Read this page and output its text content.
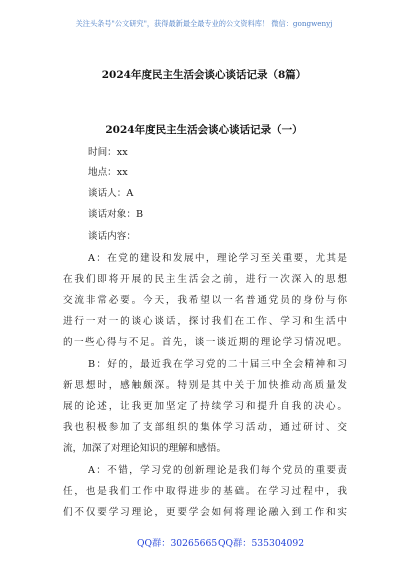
关注头条号"公文研究"，获得最新最全最专业的公文资料库！ 微信：gongwenyj
2024年度民主生活会谈心谈话记录（8篇）
2024年度民主生活会谈心谈话记录（一）
时间：xx
地点：xx
谈话人：A
谈话对象：B
谈话内容：
A：在党的建设和发展中，理论学习至关重要，尤其是
在我们即将开展的民主生活会之前，进行一次深入的思想
交流非常必要。今天，我希望以一名普通党员的身份与你
进行一对一的谈心谈话，探讨我们在工作、学习和生活中
的一些心得与不足。首先，谈一谈近期的理论学习情况吧。
B：好的，最近我在学习党的二十届三中全会精神和习
新思想时，感触颇深。特别是其中关于加快推动高质量发
展的论述，让我更加坚定了持续学习和提升自我的决心。
我也积极参加了支部组织的集体学习活动，通过研讨、交
流，加深了对理论知识的理解和感悟。
A：不错，学习党的创新理论是我们每个党员的重要责
任，也是我们工作中取得进步的基础。在学习过程中，我
们不仅要学习理论，更要学会如何将理论融入到工作和实
QQ群：30265665 QQ群：535304092
